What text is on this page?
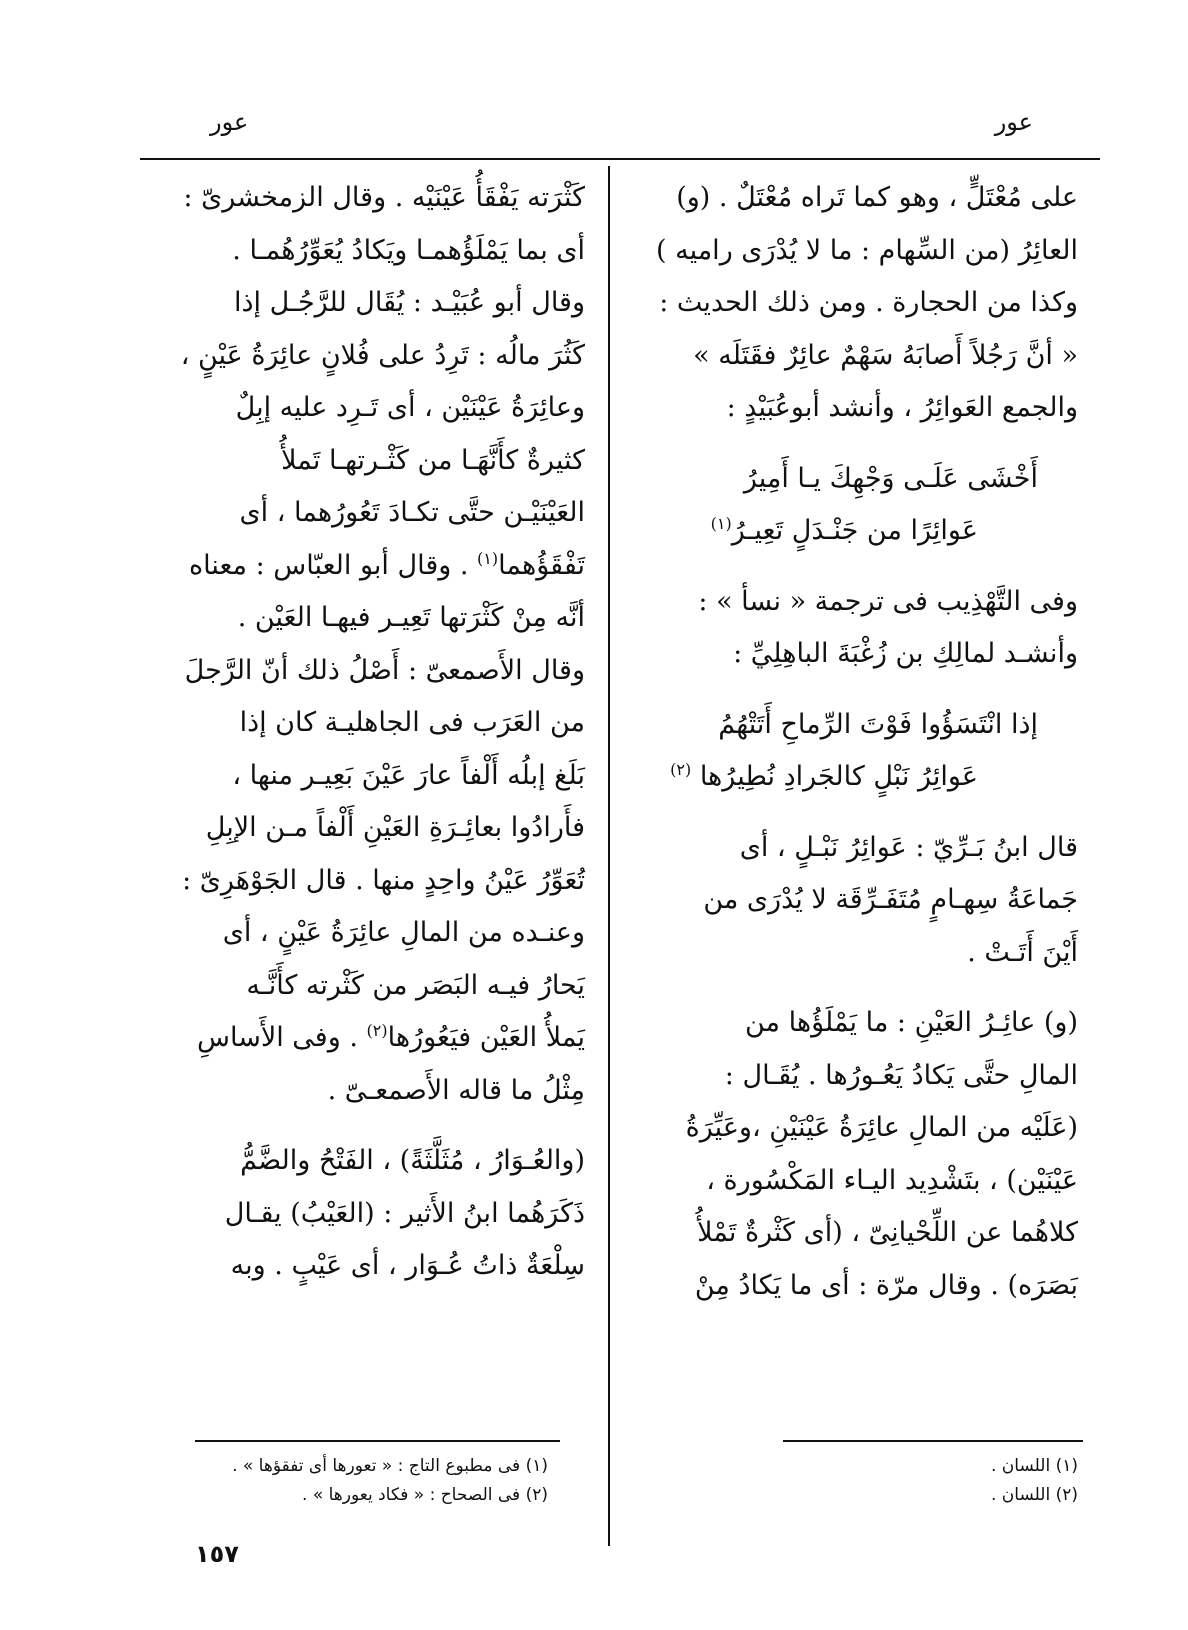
عور
عور

على مُعْتَلٍّ ، وهو كما تَراه مُعْتَلٌ . (و)

العائِرُ (من السِّهام : ما لا يُدْرَى راميه )

وكذا من الحجارة . ومن ذلك الحديث :

« أنَّ رَجُلاً أَصابَهُ سَهْمٌ عائِرٌ فقَتَلَه »

والجمع العَوائِرُ ، وأنشد أبوعُبَيْدٍ :

أَخْشَى عَلَـى وَجْهِكَ يـا أَمِيرُ

عَوائِرًا من جَنْـدَلٍ تَعِيـرُ$^{(١)}$

وفى التَّهْذِيب فى ترجمة « نسأ » :

وأنشـد لمالِكِ بن زُغْبَةَ الباهِلِيِّ :

إذا انْتَسَؤُوا فَوْتَ الرِّماحِ أَتَتْهُمُ

عَوائِرُ نَبْلٍ كالجَرادِ نُطِيرُها $^{(٢)}$

قال ابنُ بَـرِّيّ : عَوائِرُ نَبْـلٍ ، أى

جَماعَةُ سِهـامٍ مُتَفَـرِّقَة لا يُدْرَى من

أَيْنَ أَتَـتْ .

(و) عائِـرُ العَيْنِ : ما يَمْلَؤُها من

المالِ حتَّى يَكادُ يَعُـورُها . يُقَـال :

(عَلَيْه من المالِ عائِرَةُ عَيْنَيْنِ ،وعَيِّرَةُ

عَيْنَيْن) ، بتَشْدِيد اليـاء المَكْسُورة ،

كلاهُما عن اللِّحْيانِىّ ، (أى كَثْرةٌ تَمْلأُ

بَصَرَه) . وقال مرّة : أى ما يَكادُ مِنْ

كَثْرَته يَفْقَأُ عَيْنَيْه . وقال الزمخشرىّ :

أى بما يَمْلَؤُهمـا ويَكادُ يُعَوِّرُهُمـا .

وقال أبو عُبَيْـد : يُقَال للرَّجُـل إذا

كَثُرَ مالُه : تَرِدُ على فُلانٍ عائِرَةُ عَيْنٍ ،

وعائِرَةُ عَيْنَيْن ، أى تَـرِد عليه إبِلٌ

كثيرةٌ كأَنَّهَـا من كَثْـرتهـا تَملأُ

العَيْنَيْـن حتَّى تكـادَ تَعُورُهما ، أى

تَفْقَؤُهما$^{(١)}$ . وقال أبو العبّاس : معناه

أنَّه مِنْ كَثْرَتها تَعِيـر فيهـا العَيْن .

وقال الأَصمعىّ : أَصْلُ ذلك أنّ الرَّجلَ

من العَرَب فى الجاهليـة كان إذا

بَلَغ إبلُه أَلْفاً عارَ عَيْنَ بَعِيـر منها ،

فأَرادُوا بعائِـرَةِ العَيْنِ أَلْفاً مـن الإبِلِ

تُعَوِّرُ عَيْنُ واحِدٍ منها . قال الجَوْهَرِىّ :

وعنـده من المالِ عائِرَةُ عَيْنٍ ، أى

يَحارُ فيـه البَصَر من كَثْرته كأَنَّـه

يَملأُ العَيْن فيَعُورُها$^{(٢)}$ . وفى الأَساسِ

مِثْلُ ما قاله الأَصمعـىّ .

(والعُـوَارُ ، مُثَلَّثَةً) ، الفَتْحُ والضَّمُّ

ذَكَرَهُما ابنُ الأَثير : (العَيْبُ) يقـال

سِلْعَةٌ ذاتُ عُـوَار ، أى عَيْبٍ . وبه

(١) اللسان .
(٢) اللسان .
(١) فى مطبوع التاج : « تعورها أى تفقؤها » .
(٢) فى الصحاح : « فكاد يعورها » .
١٥٧
